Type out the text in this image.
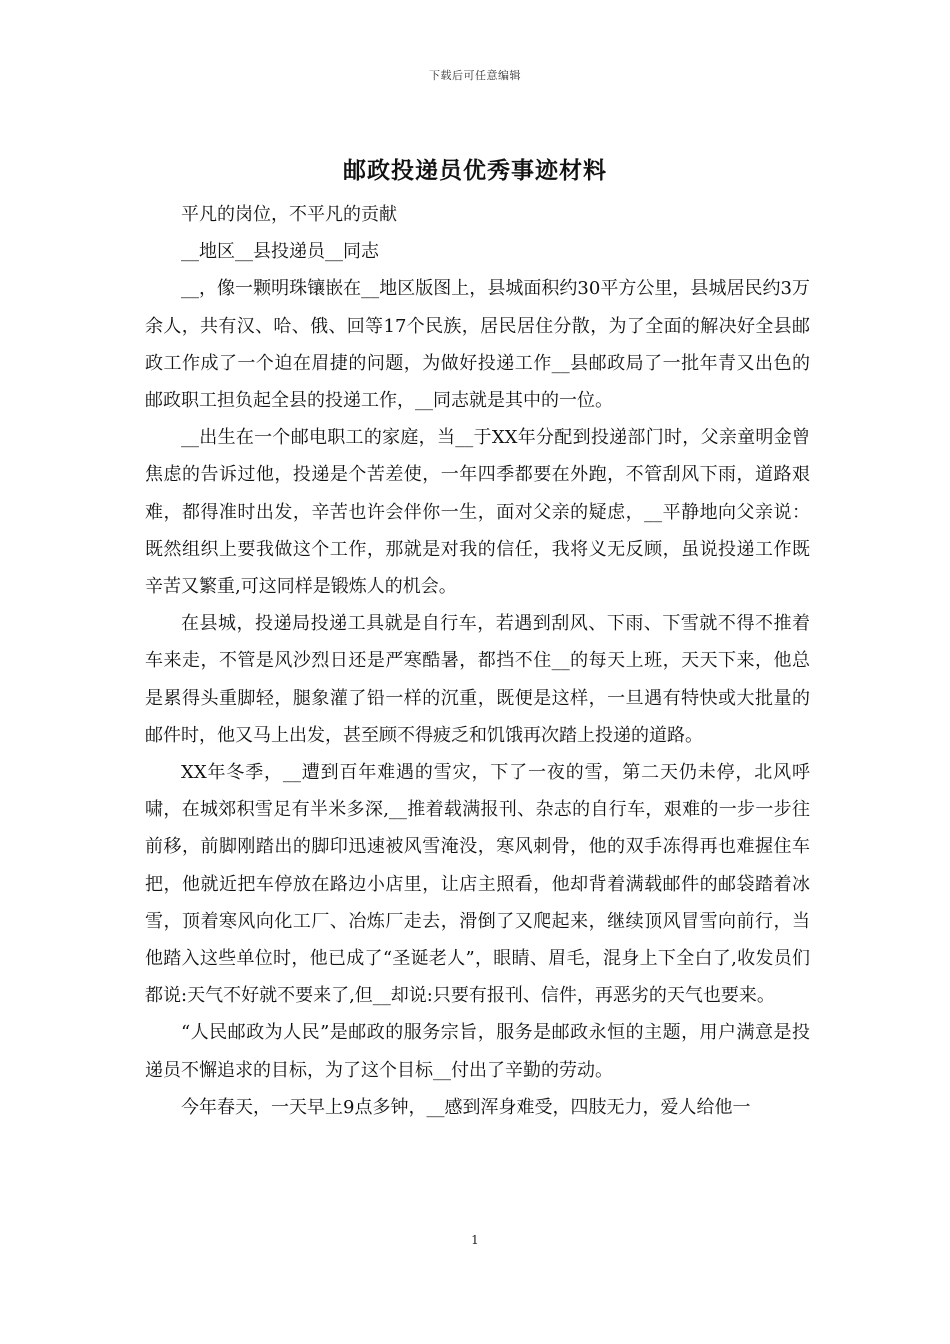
下载后可任意编辑
邮政投递员优秀事迹材料

平凡的岗位，不平凡的贡献

__地区__县投递员__同志

__，像一颗明珠镶嵌在__地区版图上，县城面积约30平方公里，县城居民约3万余人，共有汉、哈、俄、回等17个民族，居民居住分散，为了全面的解决好全县邮政工作成了一个迫在眉捷的问题，为做好投递工作__县邮政局了一批年青又出色的邮政职工担负起全县的投递工作，__同志就是其中的一位。

__出生在一个邮电职工的家庭，当__于XX年分配到投递部门时，父亲童明金曾焦虑的告诉过他，投递是个苦差使，一年四季都要在外跑，不管刮风下雨，道路艰难，都得准时出发，辛苦也许会伴你一生，面对父亲的疑虑，__平静地向父亲说：既然组织上要我做这个工作，那就是对我的信任，我将义无反顾，虽说投递工作既辛苦又繁重,可这同样是锻炼人的机会。

在县城，投递局投递工具就是自行车，若遇到刮风、下雨、下雪就不得不推着车来走，不管是风沙烈日还是严寒酷暑，都挡不住__的每天上班，天天下来，他总是累得头重脚轻，腿象灌了铅一样的沉重，既便是这样，一旦遇有特快或大批量的邮件时，他又马上出发，甚至顾不得疲乏和饥饿再次踏上投递的道路。

XX年冬季，__遭到百年难遇的雪灾，下了一夜的雪，第二天仍未停，北风呼啸，在城郊积雪足有半米多深,__推着载满报刊、杂志的自行车，艰难的一步一步往前移，前脚刚踏出的脚印迅速被风雪淹没，寒风刺骨，他的双手冻得再也难握住车把，他就近把车停放在路边小店里，让店主照看，他却背着满载邮件的邮袋踏着冰雪，顶着寒风向化工厂、冶炼厂走去，滑倒了又爬起来，继续顶风冒雪向前行，当他踏入这些单位时，他已成了“圣诞老人”，眼睛、眉毛，混身上下全白了,收发员们都说:天气不好就不要来了,但__却说:只要有报刊、信件，再恶劣的天气也要来。

“人民邮政为人民”是邮政的服务宗旨，服务是邮政永恒的主题，用户满意是投递员不懈追求的目标，为了这个目标__付出了辛勤的劳动。

今年春天，一天早上9点多钟，__感到浑身难受，四肢无力，爱人给他一

1
